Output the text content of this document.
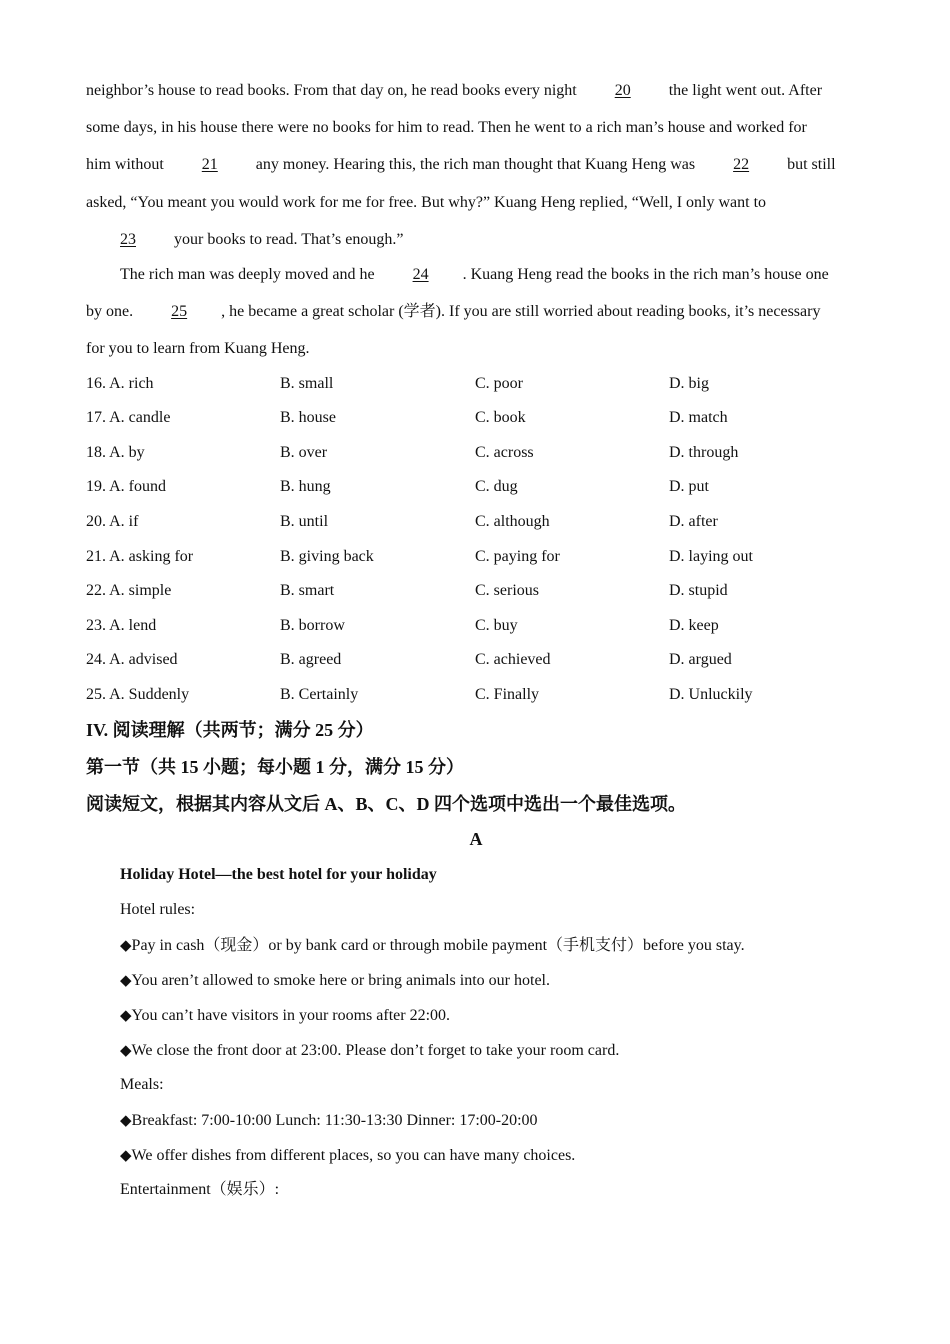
neighbor’s house to read books. From that day on, he read books every night 20 the light went out. After
some days, in his house there were no books for him to read. Then he went to a rich man’s house and worked for
him without 21 any money. Hearing this, the rich man thought that Kuang Heng was 22 but still
asked, “You meant you would work for me for free. But why?” Kuang Heng replied, “Well, I only want to
23 your books to read. That’s enough.”
The rich man was deeply moved and he 24 . Kuang Heng read the books in the rich man’s house one
by one. 25 , he became a great scholar (学者). If you are still worried about reading books, it’s necessary
for you to learn from Kuang Heng.
16. A. rich	B. small	C. poor	D. big
17. A. candle	B. house	C. book	D. match
18. A. by	B. over	C. across	D. through
19. A. found	B. hung	C. dug	D. put
20. A. if	B. until	C. although	D. after
21. A. asking for	B. giving back	C. paying for	D. laying out
22. A. simple	B. smart	C. serious	D. stupid
23. A. lend	B. borrow	C. buy	D. keep
24. A. advised	B. agreed	C. achieved	D. argued
25. A. Suddenly	B. Certainly	C. Finally	D. Unluckily
IV. 阅读理解（共两节；满分 25 分）
第一节（共 15 小题；每小题 1 分，满分 15 分）
阅读短文，根据其内容从文后 A、B、C、D 四个选项中选出一个最佳选项。
A
Holiday Hotel—the best hotel for your holiday
Hotel rules:
◆Pay in cash（现金）or by bank card or through mobile payment（手机支付）before you stay.
◆You aren’t allowed to smoke here or bring animals into our hotel.
◆You can’t have visitors in your rooms after 22:00.
◆We close the front door at 23:00. Please don’t forget to take your room card.
Meals:
◆Breakfast: 7:00-10:00 Lunch: 11:30-13:30 Dinner: 17:00-20:00
◆We offer dishes from different places, so you can have many choices.
Entertainment（娱乐）:
